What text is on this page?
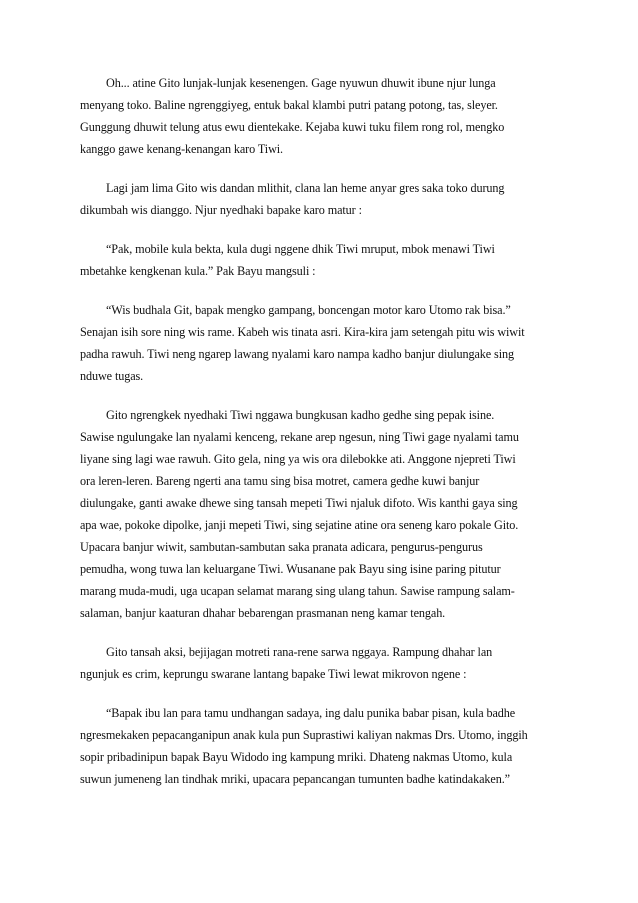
Oh... atine Gito lunjak-lunjak kesenengen. Gage nyuwun dhuwit ibune njur lunga
menyang toko. Baline ngrenggiyeg, entuk bakal klambi putri patang potong, tas, sleyer.
Gunggung dhuwit telung atus ewu dientekake. Kejaba kuwi tuku filem rong rol, mengko
kanggo gawe kenang-kenangan karo Tiwi.
Lagi jam lima Gito wis dandan mlithit, clana lan heme anyar gres saka toko durung
dikumbah wis dianggo. Njur nyedhaki bapake karo matur :
“Pak, mobile kula bekta, kula dugi nggene dhik Tiwi mruput, mbok menawi Tiwi
mbetahke kengkenan kula.” Pak Bayu mangsuli :
“Wis budhala Git, bapak mengko gampang, boncengan motor karo Utomo rak bisa.”
Senajan isih sore ning wis rame. Kabeh wis tinata asri. Kira-kira jam setengah pitu wis wiwit
padha rawuh. Tiwi neng ngarep lawang nyalami karo nampa kadho banjur diulungake sing
nduwe tugas.
Gito ngrengkek nyedhaki Tiwi nggawa bungkusan kadho gedhe sing pepak isine.
Sawise ngulungake lan nyalami kenceng, rekane arep ngesun, ning Tiwi gage nyalami tamu
liyane sing lagi wae rawuh. Gito gela, ning ya wis ora dilebokke ati. Anggone njepreti Tiwi
ora leren-leren. Bareng ngerti ana tamu sing bisa motret, camera gedhe kuwi banjur
diulungake, ganti awake dhewe sing tansah mepeti Tiwi njaluk difoto. Wis kanthi gaya sing
apa wae, pokoke dipolke, janji mepeti Tiwi, sing sejatine atine ora seneng karo pokale Gito.
Upacara banjur wiwit, sambutan-sambutan saka pranata adicara, pengurus-pengurus
pemudha, wong tuwa lan keluargane Tiwi. Wusanane pak Bayu sing isine paring pitutur
marang muda-mudi, uga ucapan selamat marang sing ulang tahun. Sawise rampung salam-
salaman, banjur kaaturan dhahar bebarengan prasmanan neng kamar tengah.
Gito tansah aksi, bejijagan motreti rana-rene sarwa nggaya. Rampung dhahar lan
ngunjuk es crim, keprungu swarane lantang bapake Tiwi lewat mikrovon ngene :
“Bapak ibu lan para tamu undhangan sadaya, ing dalu punika babar pisan, kula badhe
ngresmekaken pepacanganipun anak kula pun Suprastiwi kaliyan nakmas Drs. Utomo, inggih
sopir pribadinipun bapak Bayu Widodo ing kampung mriki. Dhateng nakmas Utomo, kula
suwun jumeneng lan tindhak mriki, upacara pepancangan tumunten badhe katindakaken.”
